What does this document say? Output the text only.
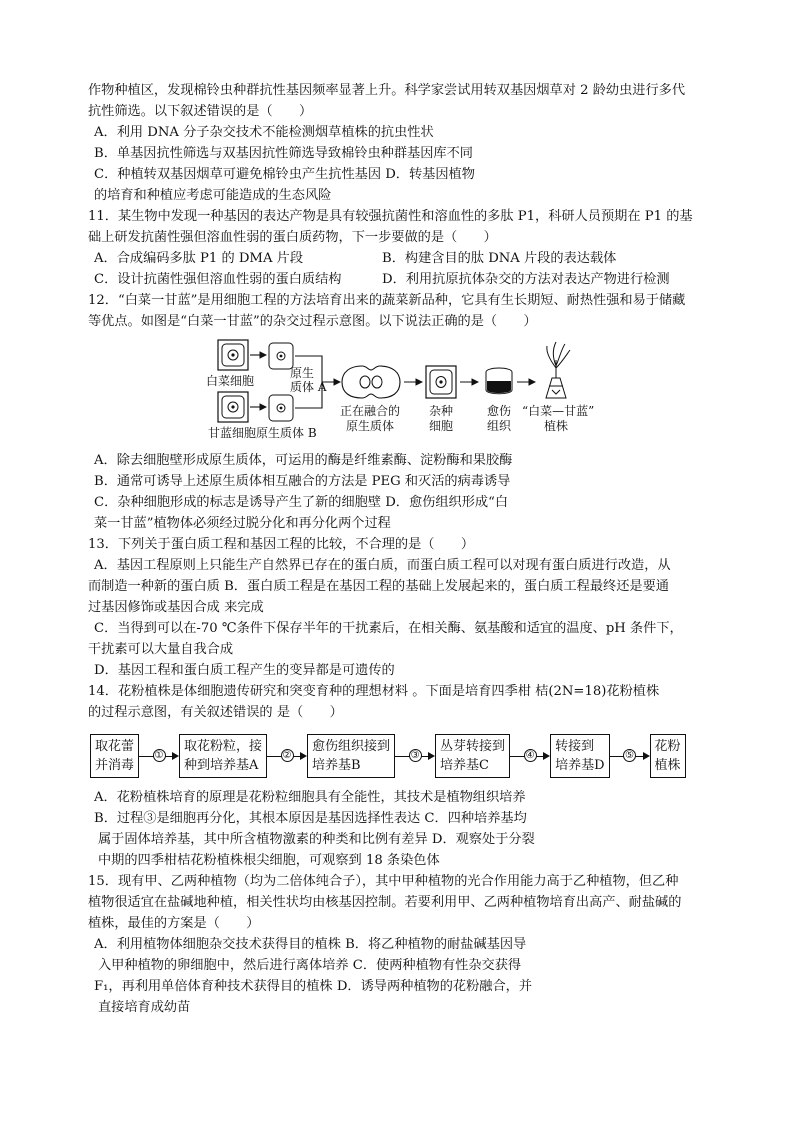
作物种植区，发现棉铃虫种群抗性基因频率显著上升。科学家尝试用转双基因烟草对 2 龄幼虫进行多代

抗性筛选。以下叙述错误的是（　　）

A．利用 DNA 分子杂交技术不能检测烟草植株的抗虫性状

B．单基因抗性筛选与双基因抗性筛选导致棉铃虫种群基因库不同

C．种植转双基因烟草可避免棉铃虫产生抗性基因 D．转基因植物

的培育和种植应考虑可能造成的生态风险

11．某生物中发现一种基因的表达产物是具有较强抗菌性和溶血性的多肽 P1，科研人员预期在 P1 的基

础上研发抗菌性强但溶血性弱的蛋白质药物，下一步要做的是（　　）

A．合成编码多肽 P1 的 DMA 片段	B．构建含目的肽 DNA 片段的表达载体

C．设计抗菌性强但溶血性弱的蛋白质结构	D．利用抗原抗体杂交的方法对表达产物进行检测

12．“白菜一甘蓝”是用细胞工程的方法培育出来的蔬菜新品种，它具有生长期短、耐热性强和易于储藏

等优点。如图是“白菜一甘蓝”的杂交过程示意图。以下说法正确的是（　　）

白菜细胞
甘蓝细胞
原生
质体 A
原生质体 B
正在融合的
原生质体
杂种
细胞
愈伤
组织
“白菜—甘蓝”
植株

A．除去细胞壁形成原生质体，可运用的酶是纤维素酶、淀粉酶和果胶酶

B．通常可诱导上述原生质体相互融合的方法是 PEG 和灭活的病毒诱导

C．杂种细胞形成的标志是诱导产生了新的细胞壁 D．愈伤组织形成“白

菜一甘蓝”植物体必须经过脱分化和再分化两个过程

13．下列关于蛋白质工程和基因工程的比较，不合理的是（　　）

A．基因工程原则上只能生产自然界已存在的蛋白质，而蛋白质工程可以对现有蛋白质进行改造，从

而制造一种新的蛋白质 B．蛋白质工程是在基因工程的基础上发展起来的，蛋白质工程最终还是要通

过基因修饰或基因合成 来完成

C．当得到可以在-70 ℃条件下保存半年的干扰素后，在相关酶、氨基酸和适宜的温度、pH 条件下，

干扰素可以大量自我合成

D．基因工程和蛋白质工程产生的变异都是可遗传的

14．花粉植株是体细胞遗传研究和突变育种的理想材料 。下面是培育四季柑 桔(2N=18)花粉植株

的过程示意图，有关叙述错误的 是（　　）

取花蕾
并消毒
①
取花粉粒，接
种到培养基A
②
愈伤组织接到
培养基B
③
丛芽转接到
培养基C
④
转接到
培养基D
⑤
花粉
植株

A．花粉植株培育的原理是花粉粒细胞具有全能性，其技术是植物组织培养

B．过程③是细胞再分化，其根本原因是基因选择性表达 C．四种培养基均

属于固体培养基，其中所含植物激素的种类和比例有差异 D．观察处于分裂

中期的四季柑桔花粉植株根尖细胞，可观察到 18 条染色体

15．现有甲、乙两种植物（均为二倍体纯合子），其中甲种植物的光合作用能力高于乙种植物，但乙种

植物很适宜在盐碱地种植，相关性状均由核基因控制。若要利用甲、乙两种植物培育出高产、耐盐碱的

植株，最佳的方案是（　　）

A．利用植物体细胞杂交技术获得目的植株 B．将乙种植物的耐盐碱基因导

入甲种植物的卵细胞中，然后进行离体培养 C．使两种植物有性杂交获得

F₁，再利用单倍体育种技术获得目的植株 D．诱导两种植物的花粉融合，并

直接培育成幼苗
